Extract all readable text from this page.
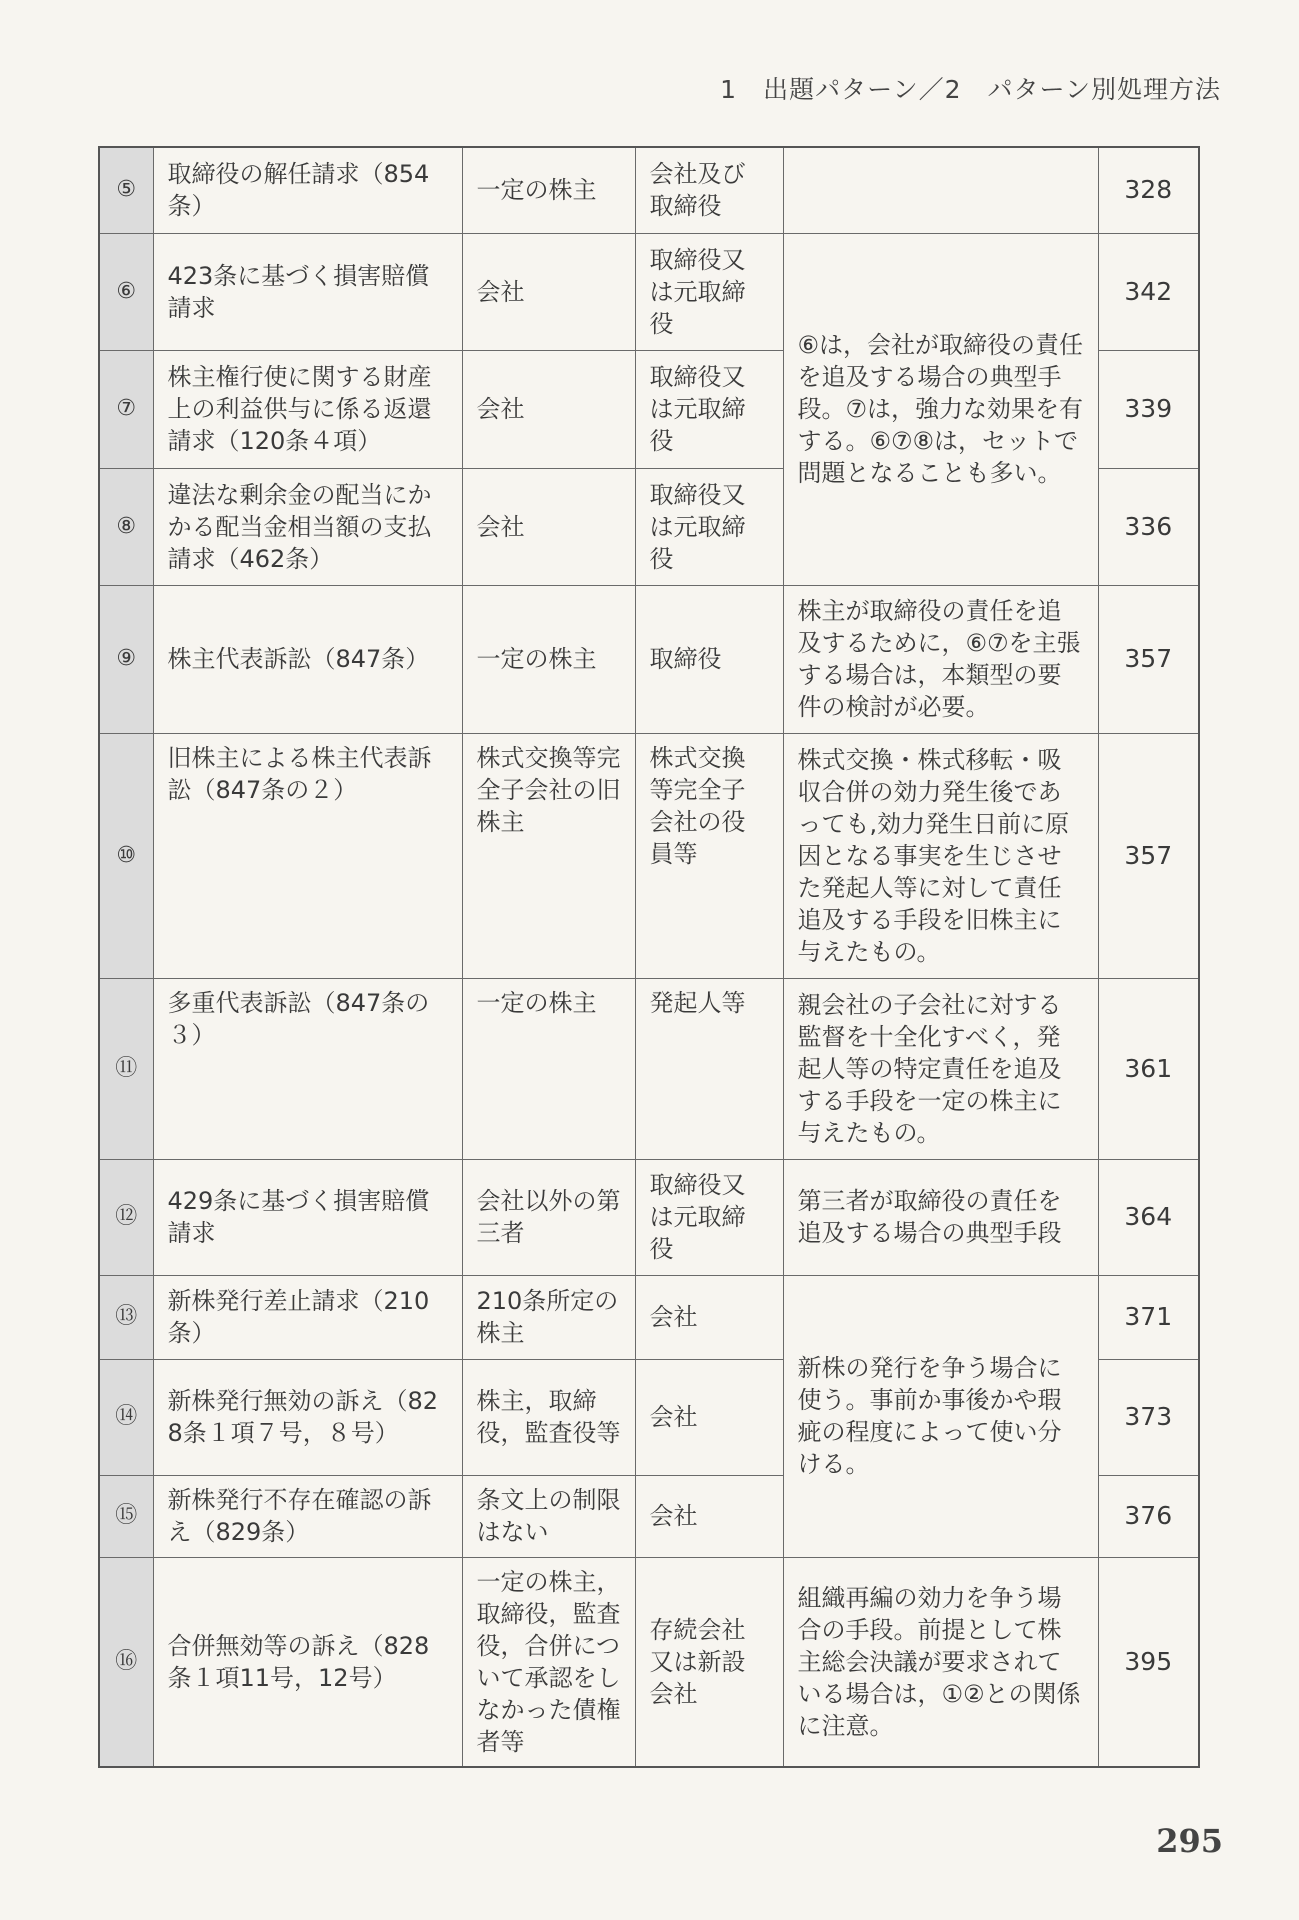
1　出題パターン／2　パターン別処理方法
⑤	取締役の解任請求（854条）	一定の株主	会社及び取締役		328
⑥	423条に基づく損害賠償請求	会社	取締役又は元取締役	⑥は，会社が取締役の責任を追及する場合の典型手段。⑦は，強力な効果を有する。⑥⑦⑧は，セットで問題となることも多い。	342
⑦	株主権行使に関する財産上の利益供与に係る返還請求（120条４項）	会社	取締役又は元取締役		339
⑧	違法な剰余金の配当にかかる配当金相当額の支払請求（462条）	会社	取締役又は元取締役		336
⑨	株主代表訴訟（847条）	一定の株主	取締役	株主が取締役の責任を追及するために，⑥⑦を主張する場合は，本類型の要件の検討が必要。	357
⑩	旧株主による株主代表訴訟（847条の２）	株式交換等完全子会社の旧株主	株式交換等完全子会社の役員等	株式交換・株式移転・吸収合併の効力発生後であっても,効力発生日前に原因となる事実を生じさせた発起人等に対して責任追及する手段を旧株主に与えたもの。	357
⑪	多重代表訴訟（847条の３）	一定の株主	発起人等	親会社の子会社に対する監督を十全化すべく，発起人等の特定責任を追及する手段を一定の株主に与えたもの。	361
⑫	429条に基づく損害賠償請求	会社以外の第三者	取締役又は元取締役	第三者が取締役の責任を追及する場合の典型手段	364
⑬	新株発行差止請求（210条）	210条所定の株主	会社	新株の発行を争う場合に使う。事前か事後かや瑕疵の程度によって使い分ける。	371
⑭	新株発行無効の訴え（828条１項７号，８号）	株主，取締役，監査役等	会社		373
⑮	新株発行不存在確認の訴え（829条）	条文上の制限はない	会社		376
⑯	合併無効等の訴え（828条１項11号，12号）	一定の株主，取締役，監査役，合併について承認をしなかった債権者等	存続会社又は新設会社	組織再編の効力を争う場合の手段。前提として株主総会決議が要求されている場合は，①②との関係に注意。	395
295
